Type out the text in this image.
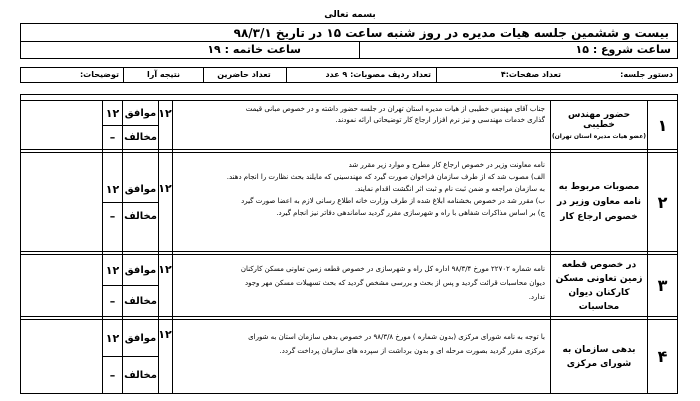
بسمه تعالی
بیست و ششمین جلسه هیات مدیره در روز شنبه ساعت ۱۵ در تاریخ ۹۸/۳/۱
ساعت شروع : ۱۵
ساعت خاتمه : ۱۹
دستور جلسه:
تعداد صفحات:۴
تعداد ردیف مصوبات: ۹ عدد
تعداد حاضرین
نتیجه آرا
توضیحات:
۱
حضور مهندس خطیبی
(عضو هیات مدیره استان تهران)
جناب آقای مهندس خطیبی از هیات مدیره استان تهران در جلسه حضور داشته و در خصوص مبانی قیمت
گذاری خدمات مهندسی و نیز نرم افزار ارجاع کار توضیحاتی ارائه نمودند.
۱۲
موافق
۱۲
مخالف
–
۲
مصوبات مربوط به نامه معاون وزیر در خصوص ارجاع کار
نامه معاونت وزیر در خصوص ارجاع کار مطرح و موارد زیر مقرر شد
الف) مصوب شد که از طرف سازمان فراخوان صورت گیرد که مهندسینی که مایلند بحث نظارت را انجام دهند.
به سازمان مراجعه و ضمن ثبت نام و ثبت اثر انگشت اقدام نمایند.
ب) مقرر شد در خصوص بخشنامه ابلاغ شده از طرف وزارت خانه اطلاع رسانی لازم به اعضا صورت گیرد
ج) بر اساس مذاکرات شفاهی با راه و شهرسازی مقرر گردید ساماندهی دفاتر نیز انجام گیرد.
۱۲
موافق
۱۲
مخالف
–
۳
در خصوص قطعه زمین تعاونی مسکن کارکنان دیوان محاسبات
نامه شماره ۲۲۷۰۲ مورخ ۹۸/۳/۴ اداره کل راه و شهرسازی در خصوص قطعه زمین تعاونی مسکن کارکنان
دیوان محاسبات قرائت گردید و پس از بحث و بررسی مشخص گردید که بحث تسهیلات مسکن مهر وجود
ندارد.
۱۲
موافق
۱۲
مخالف
–
۴
بدهی سازمان به شورای مرکزی
با توجه به نامه شورای مرکزی (بدون شماره ) مورخ ۹۸/۳/۸ در خصوص بدهی سازمان استان به شورای
مرکزی مقرر گردید بصورت مرحله ای و بدون برداشت از سپرده های سازمان پرداخت گردد.
۱۲
موافق
۱۲
مخالف
–
